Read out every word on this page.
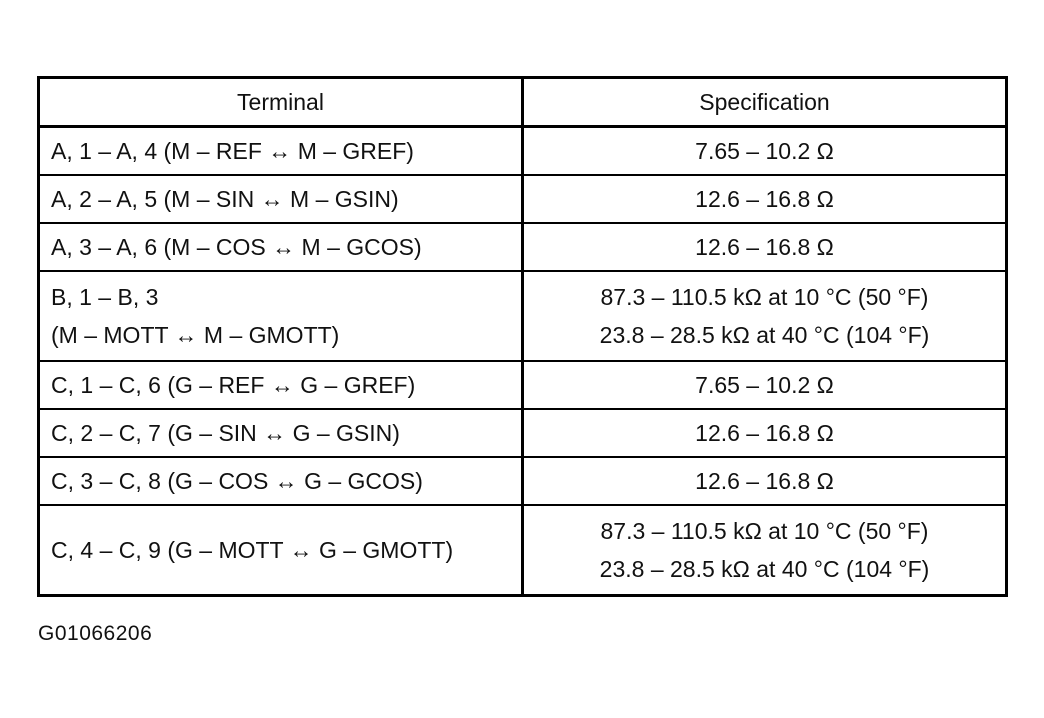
Terminal	Specification

A, 1 – A, 4 (M – REF ↔ M – GREF)	7.65 – 10.2 Ω

A, 2 – A, 5 (M – SIN ↔ M – GSIN)	12.6 – 16.8 Ω

A, 3 – A, 6 (M – COS ↔ M – GCOS)	12.6 – 16.8 Ω

B, 1 – B, 3
(M – MOTT ↔ M – GMOTT)	87.3 – 110.5 kΩ at 10 °C (50 °F)
23.8 – 28.5 kΩ at 40 °C (104 °F)

C, 1 – C, 6 (G – REF ↔ G – GREF)	7.65 – 10.2 Ω

C, 2 – C, 7 (G – SIN ↔ G – GSIN)	12.6 – 16.8 Ω

C, 3 – C, 8 (G – COS ↔ G – GCOS)	12.6 – 16.8 Ω

C, 4 – C, 9 (G – MOTT ↔ G – GMOTT)	87.3 – 110.5 kΩ at 10 °C (50 °F)
23.8 – 28.5 kΩ at 40 °C (104 °F)
G01066206
